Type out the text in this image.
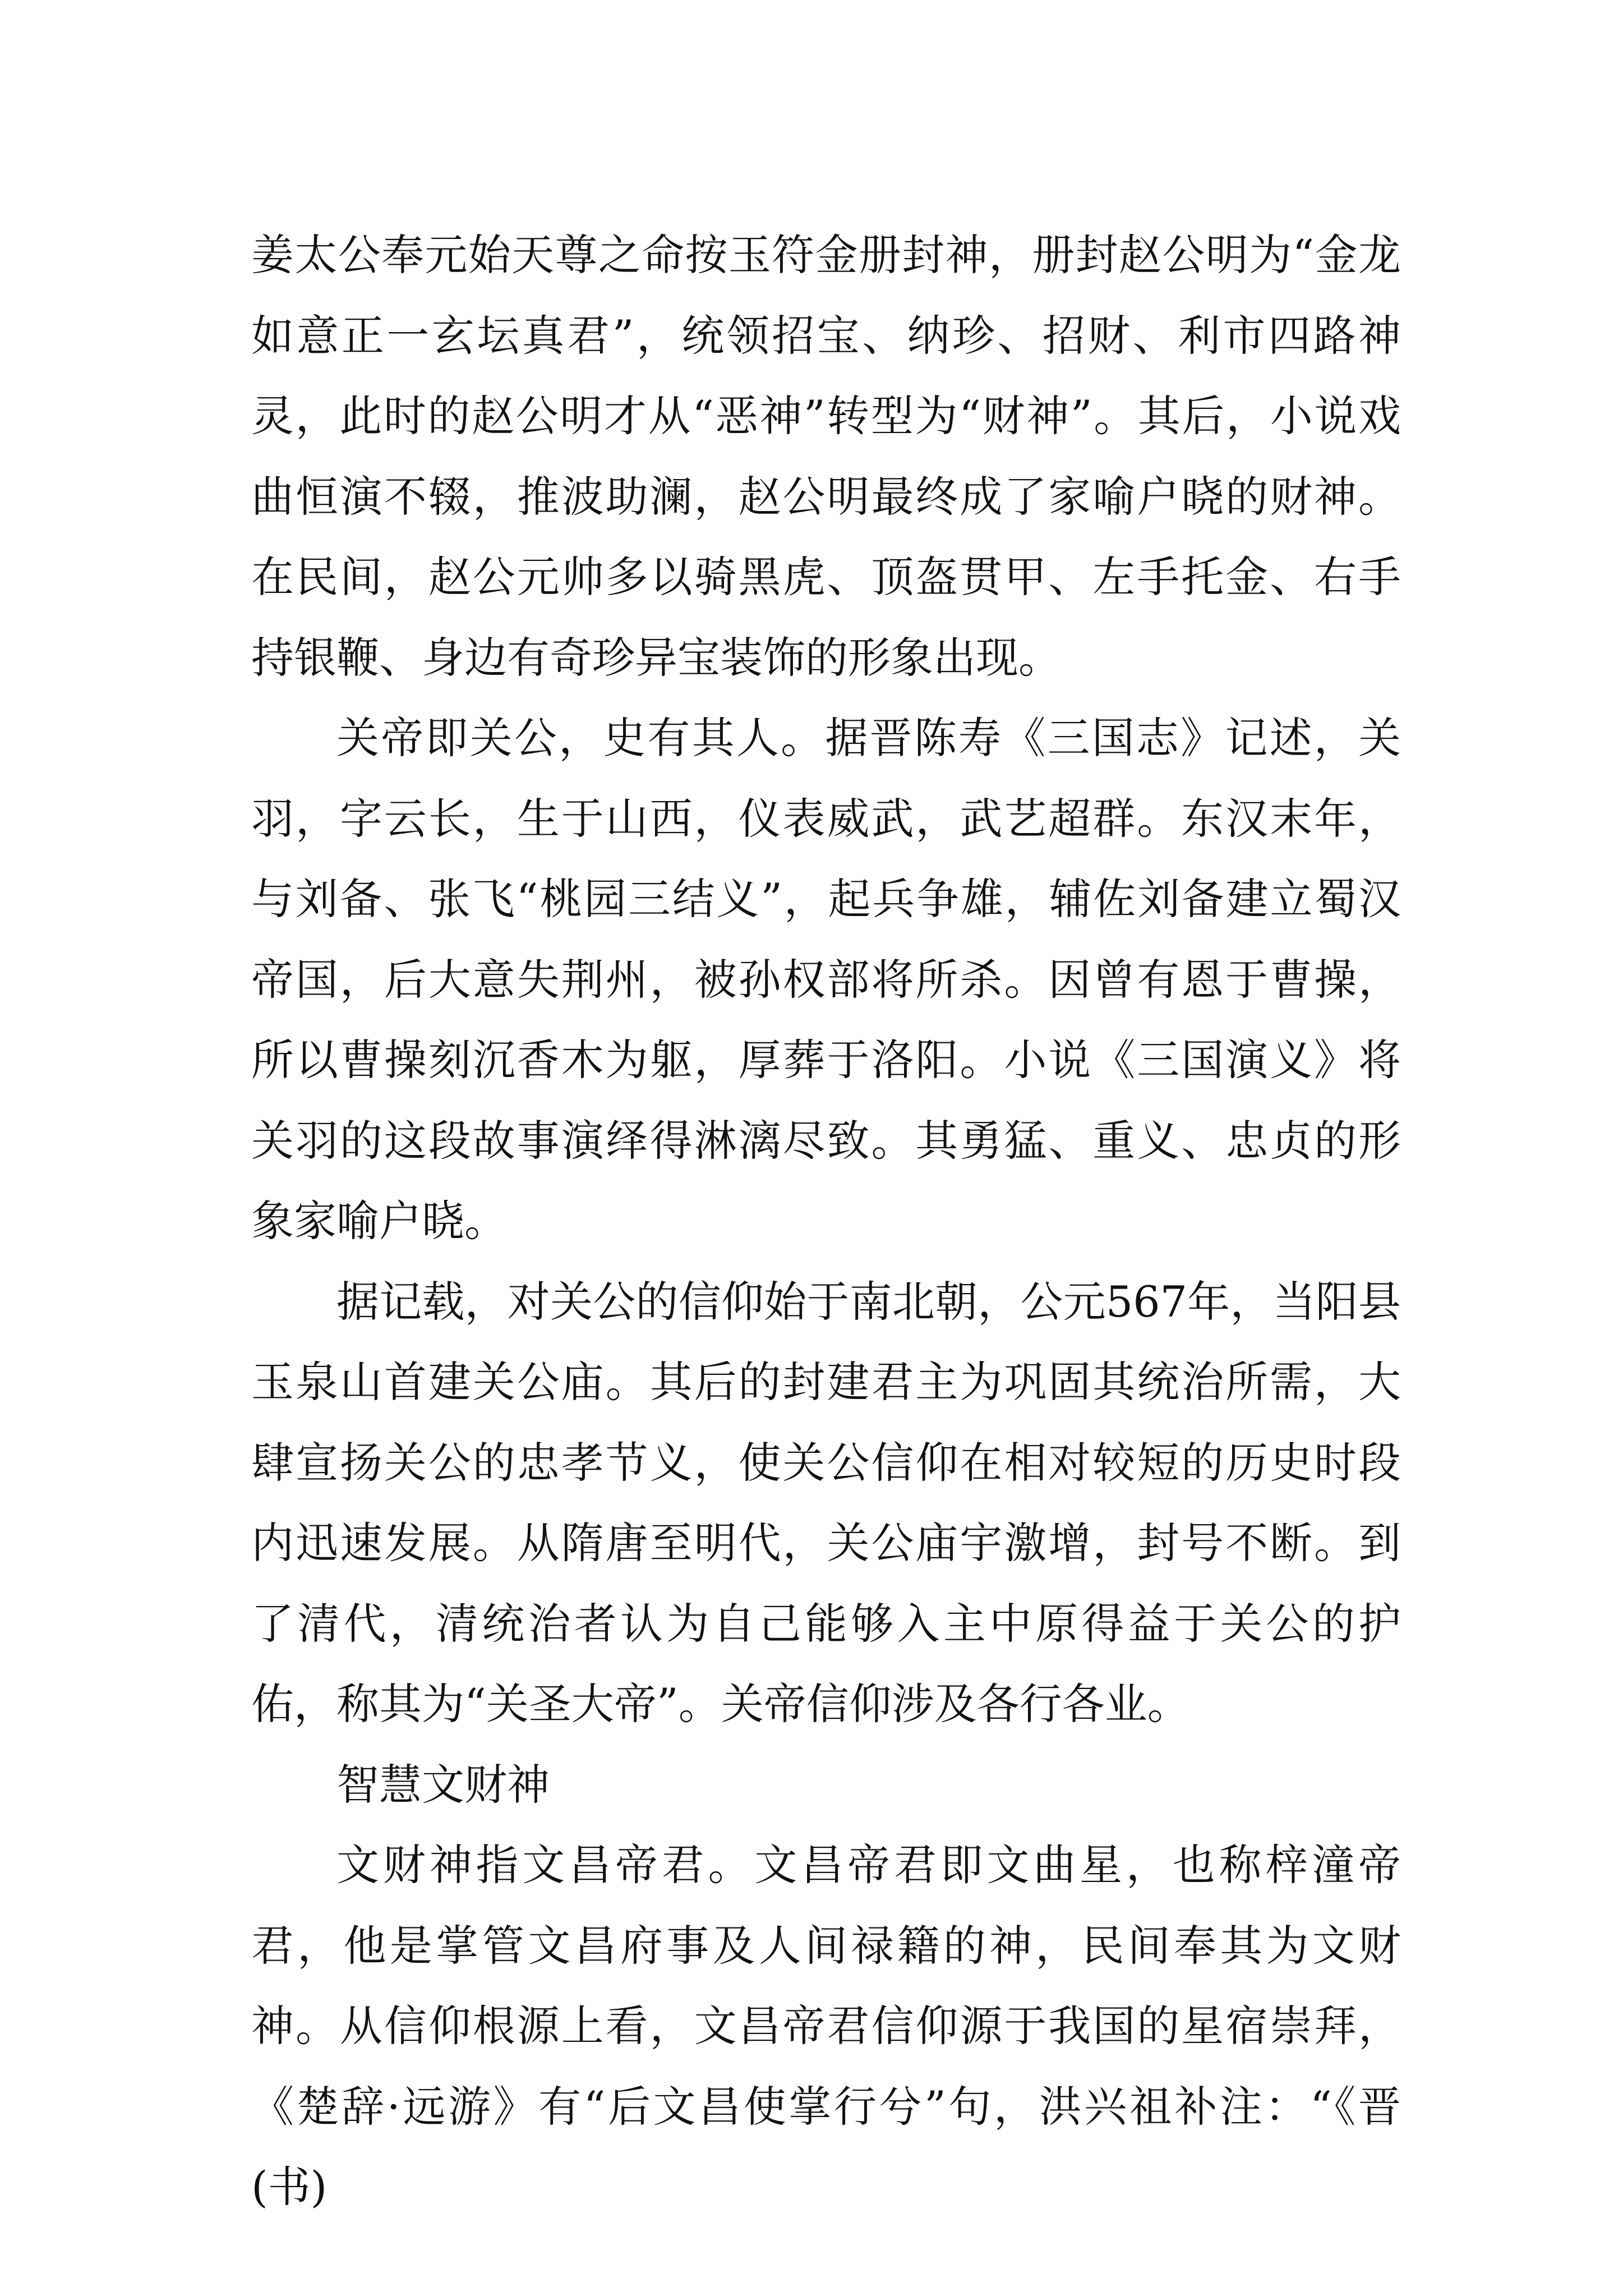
姜太公奉元始天尊之命按玉符金册封神，册封赵公明为“金龙如意正一玄坛真君”，统领招宝、纳珍、招财、利市四路神灵，此时的赵公明才从“恶神”转型为“财神”。其后，小说戏曲恒演不辍，推波助澜，赵公明最终成了家喻户晓的财神。在民间，赵公元帅多以骑黑虎、顶盔贯甲、左手托金、右手持银鞭、身边有奇珍异宝装饰的形象出现。

关帝即关公，史有其人。据晋陈寿《三国志》记述，关羽，字云长，生于山西，仪表威武，武艺超群。东汉末年，与刘备、张飞“桃园三结义”，起兵争雄，辅佐刘备建立蜀汉帝国，后大意失荆州，被孙权部将所杀。因曾有恩于曹操，所以曹操刻沉香木为躯，厚葬于洛阳。小说《三国演义》将关羽的这段故事演绎得淋漓尽致。其勇猛、重义、忠贞的形象家喻户晓。

据记载，对关公的信仰始于南北朝，公元567年，当阳县玉泉山首建关公庙。其后的封建君主为巩固其统治所需，大肆宣扬关公的忠孝节义，使关公信仰在相对较短的历史时段内迅速发展。从隋唐至明代，关公庙宇激增，封号不断。到了清代，清统治者认为自己能够入主中原得益于关公的护佑，称其为“关圣大帝”。关帝信仰涉及各行各业。

智慧文财神

文财神指文昌帝君。文昌帝君即文曲星，也称梓潼帝君，他是掌管文昌府事及人间禄籍的神，民间奉其为文财神。从信仰根源上看，文昌帝君信仰源于我国的星宿崇拜，《楚辞·远游》有“后文昌使掌行兮”句，洪兴祖补注：“《晋(书)
